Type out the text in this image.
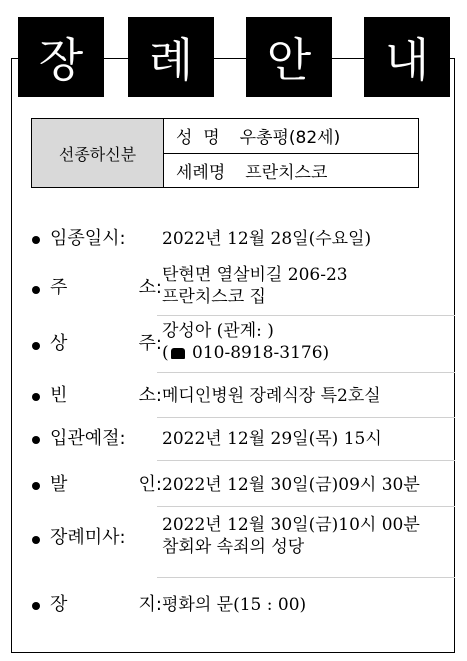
장	례	안	내
선종하신분
성  명 우총평(82세)
세례명 프란치스코
임종일시:	2022년 12월 28일(수요일)
주	소:
탄현면 열살비길 206-23
프란치스코 집
상	주:
강성아 (관계: )
( 010-8918-3176)
빈	소: 메디인병원 장례식장 특2호실
입관예절:	2022년 12월 29일(목) 15시
발	인: 2022년 12월 30일(금)09시 30분
장례미사:
2022년 12월 30일(금)10시 00분
참회와 속죄의 성당
장	지: 평화의 문(15 : 00)
